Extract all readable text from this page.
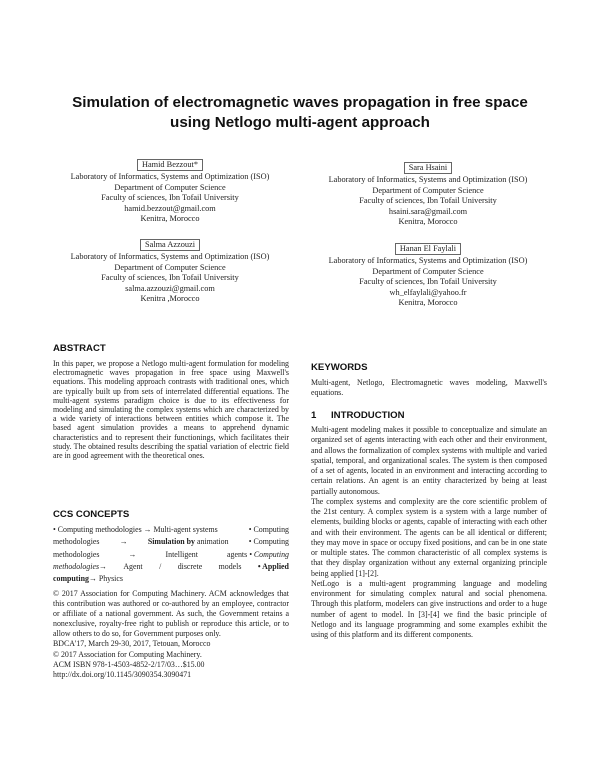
Simulation of electromagnetic waves propagation in free space
using Netlogo multi-agent approach
Hamid Bezzout*
Laboratory of Informatics, Systems and Optimization (ISO)
Department of Computer Science
Faculty of sciences, Ibn Tofail University
hamid.bezzout@gmail.com
Kenitra, Morocco
Sara Hsaini
Laboratory of Informatics, Systems and Optimization (ISO)
Department of Computer Science
Faculty of sciences, Ibn Tofail University
hsaini.sara@gmail.com
Kenitra, Morocco
Salma Azzouzi
Laboratory of Informatics, Systems and Optimization (ISO)
Department of Computer Science
Faculty of sciences, Ibn Tofail University
salma.azzouzi@gmail.com
Kenitra ,Morocco
Hanan El Faylali
Laboratory of Informatics, Systems and Optimization (ISO)
Department of Computer Science
Faculty of sciences, Ibn Tofail University
wh_elfaylali@yahoo.fr
Kenitra, Morocco
ABSTRACT
In this paper, we propose a Netlogo multi-agent formulation for modeling electromagnetic waves propagation in free space using Maxwell's equations. This modeling approach contrasts with traditional ones, which are typically built up from sets of interrelated differential equations. The multi-agent systems paradigm choice is due to its effectiveness for modeling and simulating the complex systems which are characterized by a wide variety of interactions between entities which compose it. The based agent simulation provides a means to apprehend dynamic characteristics and to represent their functionings, which facilitates their study. The obtained results describing the spatial variation of electric field are in good agreement with the theoretical ones.
CCS CONCEPTS
• Computing methodologies → Multi-agent systems	• Computing
methodologies	→	Simulation by animation	• Computing
methodologies	→	Intelligent	agents • Computing
methodologies→ Agent / discrete models • Applied
computing → Physics
© 2017 Association for Computing Machinery. ACM acknowledges that this contribution was authored or co-authored by an employee, contractor or affiliate of a national government. As such, the Government retains a nonexclusive, royalty-free right to publish or reproduce this article, or to allow others to do so, for Government purposes only.
BDCA'17, March 29-30, 2017, Tetouan, Morocco
© 2017 Association for Computing Machinery.
ACM ISBN 978-1-4503-4852-2/17/03…$15.00
http://dx.doi.org/10.1145/3090354.3090471
KEYWORDS
Multi-agent, Netlogo, Electromagnetic waves modeling, Maxwell's equations.
1 INTRODUCTION

Multi-agent modeling makes it possible to conceptualize and simulate an organized set of agents interacting with each other and their environment, and allows the formalization of complex systems with multiple and varied spatial, temporal, and organizational scales. The system is then composed of a set of agents, located in an environment and interacting according to certain relations. An agent is an entity characterized by being at least partially autonomous.

The complex systems and complexity are the core scientific problem of the 21st century. A complex system is a system with a large number of elements, building blocks or agents, capable of interacting with each other and with their environment. The agents can be all identical or different; they may move in space or occupy fixed positions, and can be in one state or multiple states. The common characteristic of all complex systems is that they display organization without any external organizing principle being applied [1]-[2].

NetLogo is a multi-agent programming language and modeling environment for simulating complex natural and social phenomena. Through this platform, modelers can give instructions and order to a huge number of agent to model. In [3]-[4] we find the basic principle of Netlogo and its language programming and some examples exhibit the using of this platform and its different components.
